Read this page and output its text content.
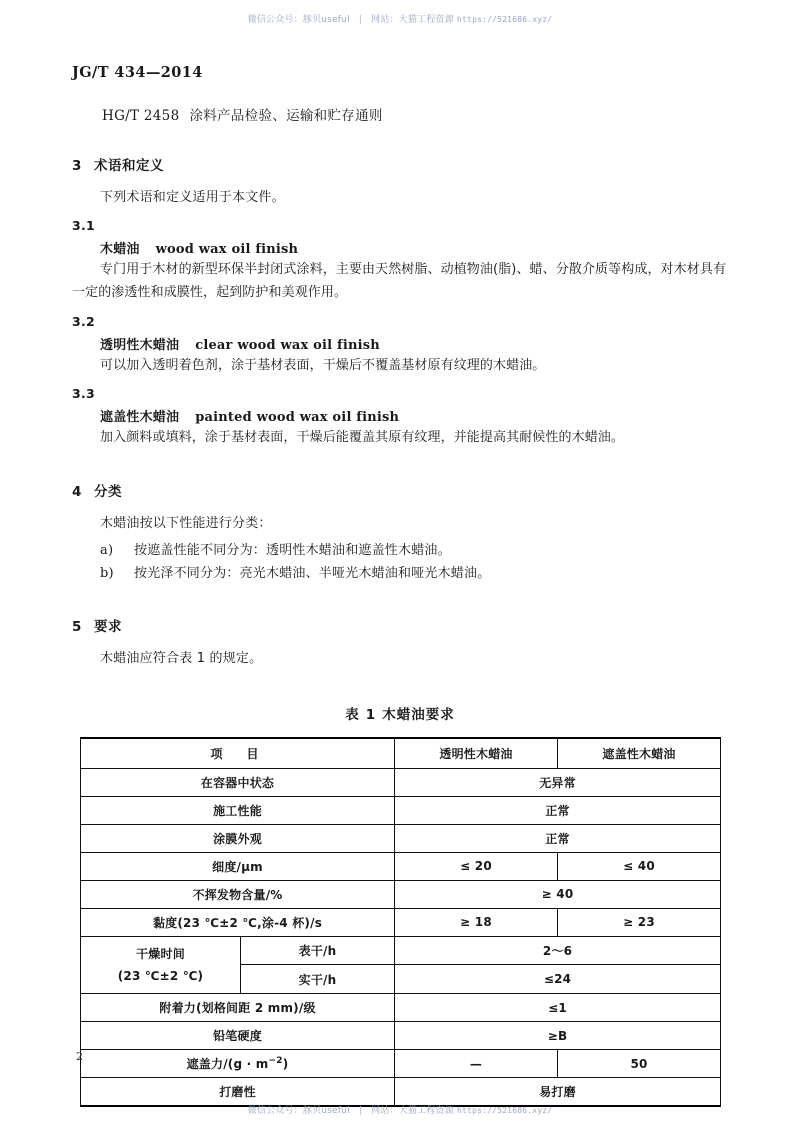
微信公众号：豚贝useful | 网站：大猫工程资源 https://521686.xyz/
JG/T 434—2014
HG/T 2458 涂料产品检验、运输和贮存通则
3 术语和定义

下列术语和定义适用于本文件。

3.1
木蜡油 wood wax oil finish

专门用于木材的新型环保半封闭式涂料，主要由天然树脂、动植物油(脂)、蜡、分散介质等构成，对木材具有一定的渗透性和成膜性，起到防护和美观作用。

3.2
透明性木蜡油 clear wood wax oil finish

可以加入透明着色剂，涂于基材表面，干燥后不覆盖基材原有纹理的木蜡油。

3.3
遮盖性木蜡油 painted wood wax oil finish

加入颜料或填料，涂于基材表面，干燥后能覆盖其原有纹理，并能提高其耐候性的木蜡油。

4 分类

木蜡油按以下性能进行分类：

a) 按遮盖性能不同分为：透明性木蜡油和遮盖性木蜡油。
b) 按光泽不同分为：亮光木蜡油、半哑光木蜡油和哑光木蜡油。
5 要求

木蜡油应符合表 1 的规定。

表 1 木蜡油要求
项　目		透明性木蜡油	遮盖性木蜡油
在容器中状态		无异常	
施工性能		正常	
涂膜外观		正常	
细度/μm		≤ 20	≤ 40
不挥发物含量/%		≥ 40	
黏度(23 ℃±2 ℃,涂-4 杯)/s		≥ 18	≥ 23
干燥时间
(23 ℃±2 ℃)	表干/h	2～6	
	实干/h	≤24	
附着力(划格间距 2 mm)/级		≤1	
铅笔硬度		≥B	
遮盖力$/(g \cdot m^{-2})$		—	50
打磨性		易打磨	
2
微信公众号：豚贝useful | 网站：大猫工程资源 https://521686.xyz/
